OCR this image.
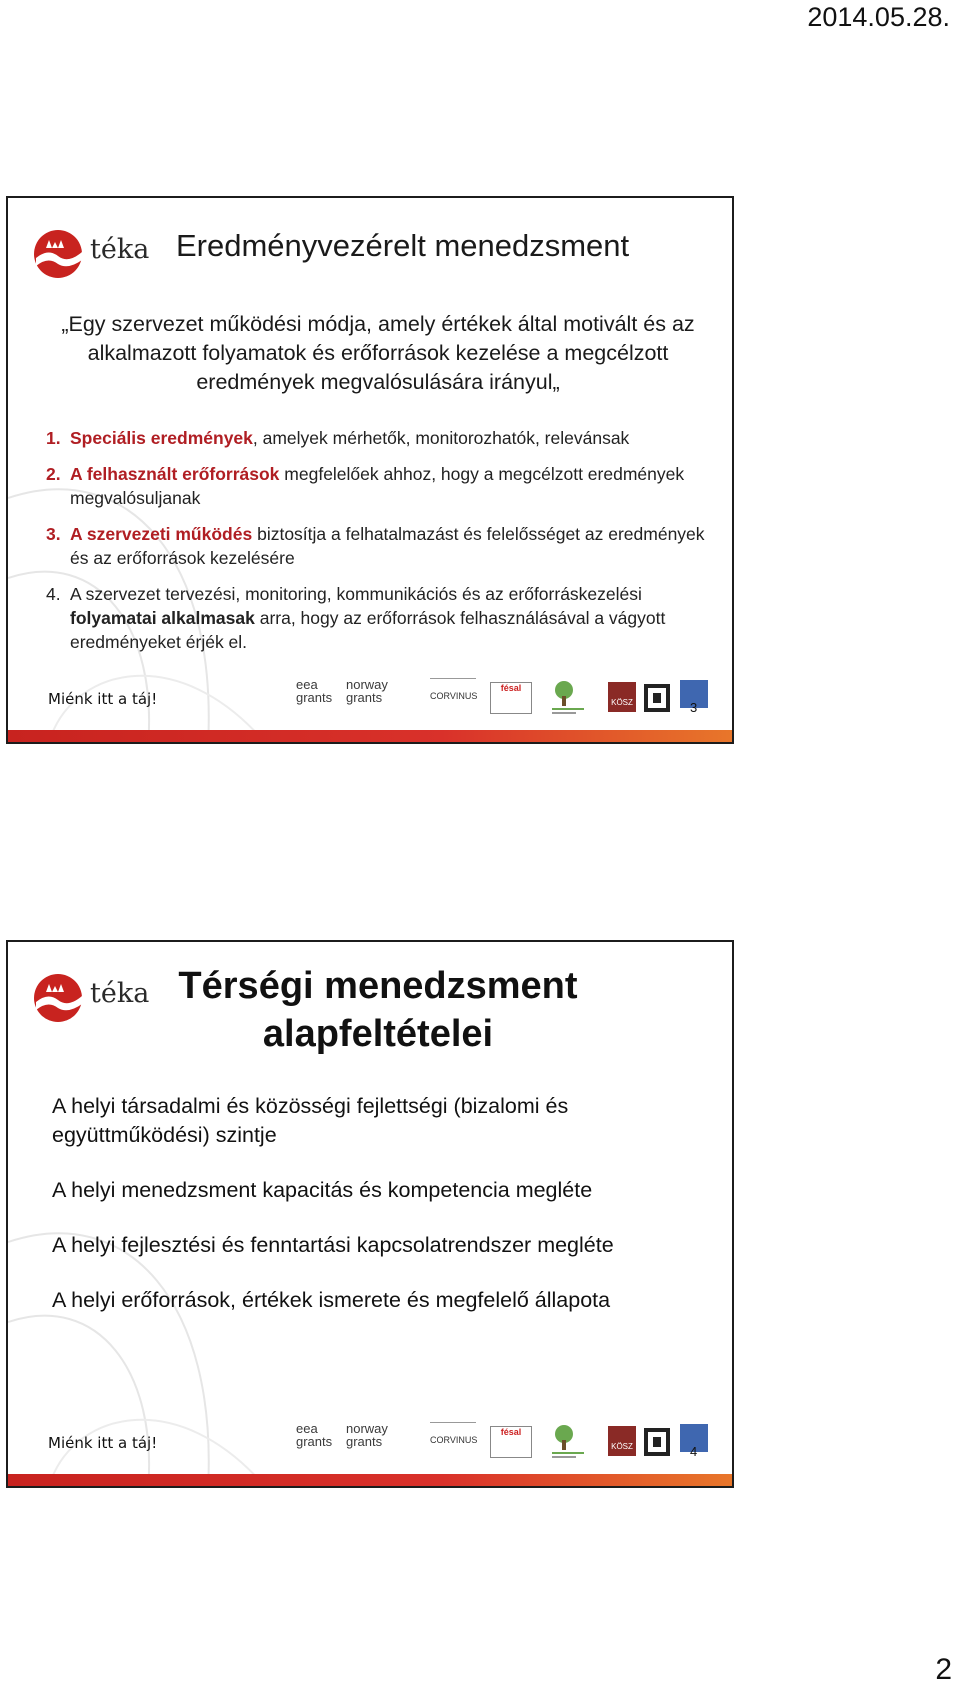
2014.05.28.
téka Eredményvezérelt menedzsment
„Egy szervezet működési módja, amely értékek által motivált és az alkalmazott folyamatok és erőforrások kezelése a megcélzott eredmények megvalósulására irányul„
1. Speciális eredmények, amelyek mérhetők, monitorozhatók, relevánsak
2. A felhasznált erőforrások megfelelőek ahhoz, hogy a megcélzott eredmények megvalósuljanak
3. A szervezeti működés biztosítja a felhatalmazást és felelősséget az eredmények és az erőforrások kezelésére
4. A szervezet tervezési, monitoring, kommunikációs és az erőforráskezelési folyamatai alkalmasak arra, hogy az erőforrások felhasználásával a vágyott eredményeket érjék el.
Miénk itt a táj!
eea
grants
norway
grants	CORVINUS
fésal
KÖSZ	3
téka Térségi menedzsment alapfeltételei
A helyi társadalmi és közösségi fejlettségi (bizalomi és együttműködési) szintje
A helyi menedzsment kapacitás és kompetencia megléte
A helyi fejlesztési és fenntartási kapcsolatrendszer megléte
A helyi erőforrások, értékek ismerete és megfelelő állapota
Miénk itt a táj!
eea
grants
norway
grants	CORVINUS
fésal
KÖSZ	4
2
